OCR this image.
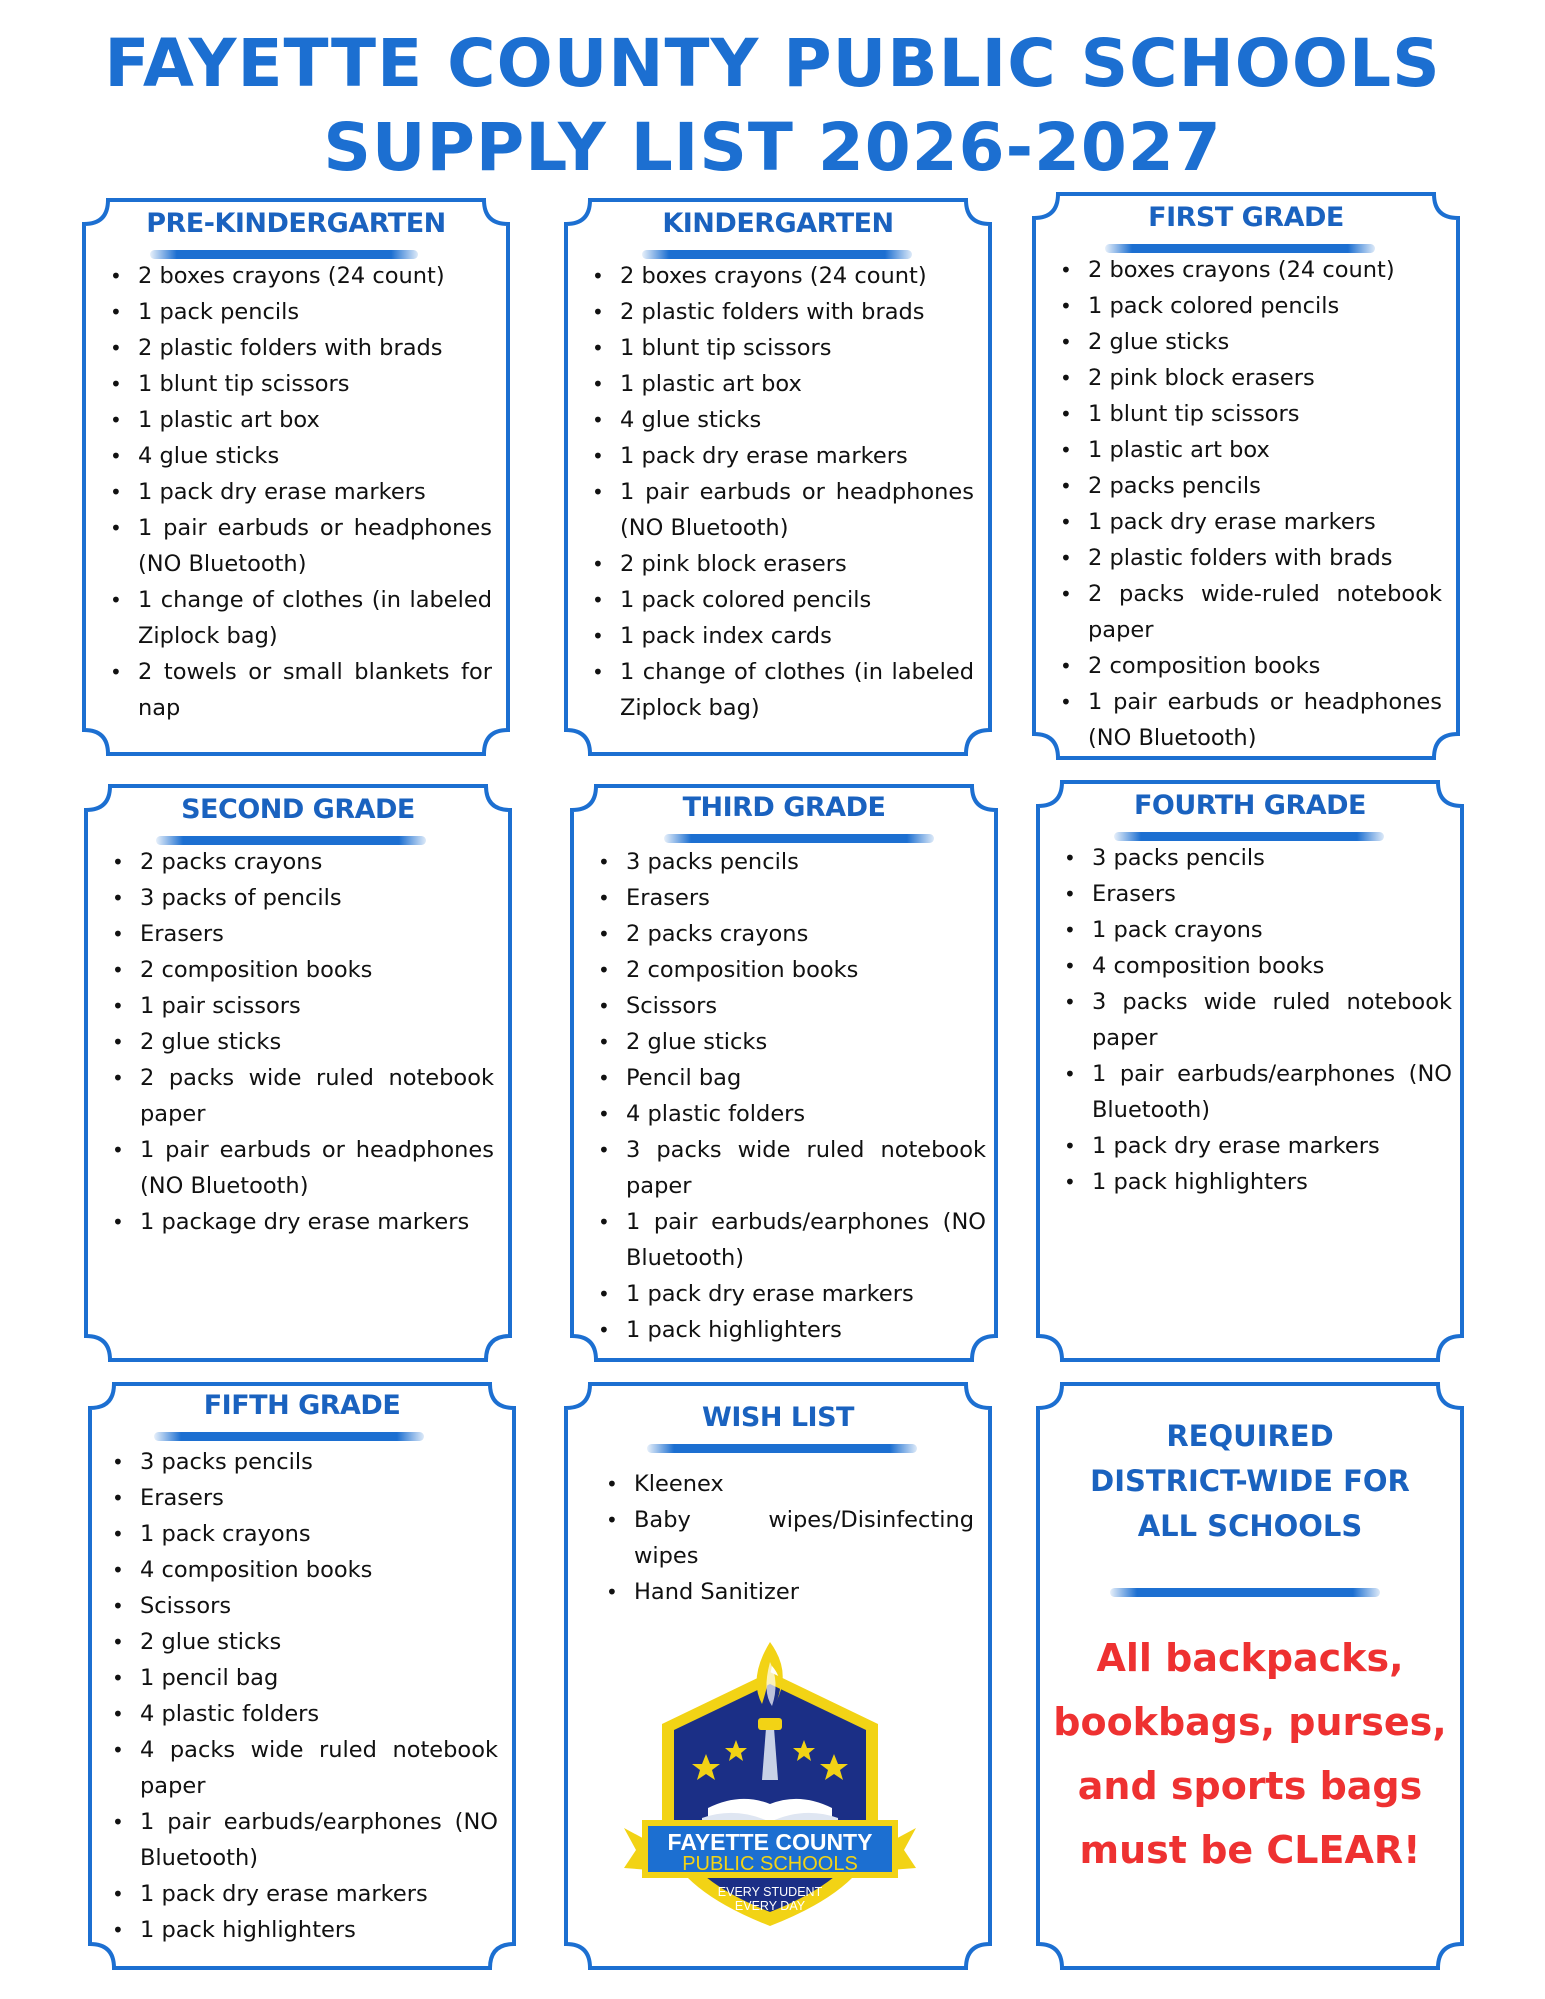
FAYETTE COUNTY PUBLIC SCHOOLS
SUPPLY LIST 2026-2027
PRE-KINDERGARTEN
• 2 boxes crayons (24 count)
• 1 pack pencils
• 2 plastic folders with brads
• 1 blunt tip scissors
• 1 plastic art box
• 4 glue sticks
• 1 pack dry erase markers
• 1 pair earbuds or headphones (NO Bluetooth)
• 1 change of clothes (in labeled Ziplock bag)
• 2 towels or small blankets for nap
KINDERGARTEN
• 2 boxes crayons (24 count)
• 2 plastic folders with brads
• 1 blunt tip scissors
• 1 plastic art box
• 4 glue sticks
• 1 pack dry erase markers
• 1 pair earbuds or headphones (NO Bluetooth)
• 2 pink block erasers
• 1 pack colored pencils
• 1 pack index cards
• 1 change of clothes (in labeled Ziplock bag)
FIRST GRADE
• 2 boxes crayons (24 count)
• 1 pack colored pencils
• 2 glue sticks
• 2 pink block erasers
• 1 blunt tip scissors
• 1 plastic art box
• 2 packs pencils
• 1 pack dry erase markers
• 2 plastic folders with brads
• 2 packs wide-ruled notebook paper
• 2 composition books
• 1 pair earbuds or headphones (NO Bluetooth)
SECOND GRADE
• 2 packs crayons
• 3 packs of pencils
• Erasers
• 2 composition books
• 1 pair scissors
• 2 glue sticks
• 2 packs wide ruled notebook paper
• 1 pair earbuds or headphones (NO Bluetooth)
• 1 package dry erase markers
THIRD GRADE
• 3 packs pencils
• Erasers
• 2 packs crayons
• 2 composition books
• Scissors
• 2 glue sticks
• Pencil bag
• 4 plastic folders
• 3 packs wide ruled notebook paper
• 1 pair earbuds/earphones (NO Bluetooth)
• 1 pack dry erase markers
• 1 pack highlighters
FOURTH GRADE
• 3 packs pencils
• Erasers
• 1 pack crayons
• 4 composition books
• 3 packs wide ruled notebook paper
• 1 pair earbuds/earphones (NO Bluetooth)
• 1 pack dry erase markers
• 1 pack highlighters
FIFTH GRADE
• 3 packs pencils
• Erasers
• 1 pack crayons
• 4 composition books
• Scissors
• 2 glue sticks
• 1 pencil bag
• 4 plastic folders
• 4 packs wide ruled notebook paper
• 1 pair earbuds/earphones (NO Bluetooth)
• 1 pack dry erase markers
• 1 pack highlighters
WISH LIST
• Kleenex
• Baby wipes/Disinfecting wipes
• Hand Sanitizer
FAYETTE COUNTY
PUBLIC SCHOOLS
EVERY STUDENT
EVERY DAY
REQUIRED
DISTRICT-WIDE FOR
ALL SCHOOLS
All backpacks,
bookbags, purses,
and sports bags
must be CLEAR!
